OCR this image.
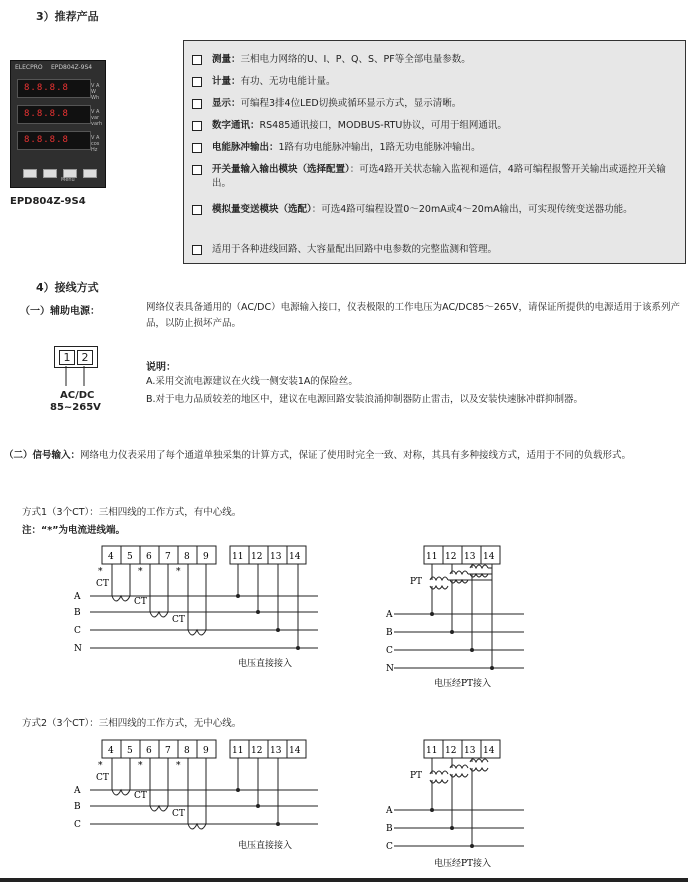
3）推荐产品
ELECPRO EPD804Z-9S4
8.8.8.8	V A W Wh
8.8.8.8	V A var varh
8.8.8.8	V A cos Hz
Menu
EPD804Z-9S4
测量：三相电力网络的U、I、P、Q、S、PF等全部电量参数。
计量：有功、无功电能计量。
显示：可编程3排4位LED切换或循环显示方式，显示清晰。
数字通讯：RS485通讯接口，MODBUS-RTU协议，可用于组网通讯。
电能脉冲输出：1路有功电能脉冲输出，1路无功电能脉冲输出。
开关量输入输出模块（选择配置）：可选4路开关状态输入监视和遥信，4路可编程报警开关输出或遥控开关输出。
模拟量变送模块（选配）：可选4路可编程设置0～20mA或4～20mA输出，可实现传统变送器功能。
适用于各种进线回路、大容量配出回路中电参数的完整监测和管理。
4）接线方式
（一）辅助电源：	网络仪表具备通用的（AC/DC）电源输入接口，仪表极限的工作电压为AC/DC85～265V，请保证所提供的电源适用于该系列产品，以防止损坏产品。
1	2
AC/DC
85~265V
说明：
A.采用交流电源建议在火线一侧安装1A的保险丝。
B.对于电力品质较差的地区中，建议在电源回路安装浪涌抑制器防止雷击，以及安装快速脉冲群抑制器。
（二）信号输入：网络电力仪表采用了每个通道单独采集的计算方式，保证了使用时完全一致、对称，其具有多种接线方式，适用于不同的负载形式。
方式1（3个CT）：三相四线的工作方式，有中心线。
注：“*”为电流进线端。
4 5 6 7 8 9	11 12 13 14
A
B
C
N
*	*	*
CT
CT
CT
电压直接接入
11 12 13 14
PT
A
B
C
N
电压经PT接入
方式2（3个CT）：三相四线的工作方式，无中心线。
4 5 6 7 8 9	11 12 13 14
A
B
C
*	*	*
CT
CT
CT
电压直接接入
11 12 13 14
PT
A
B
C
电压经PT接入
